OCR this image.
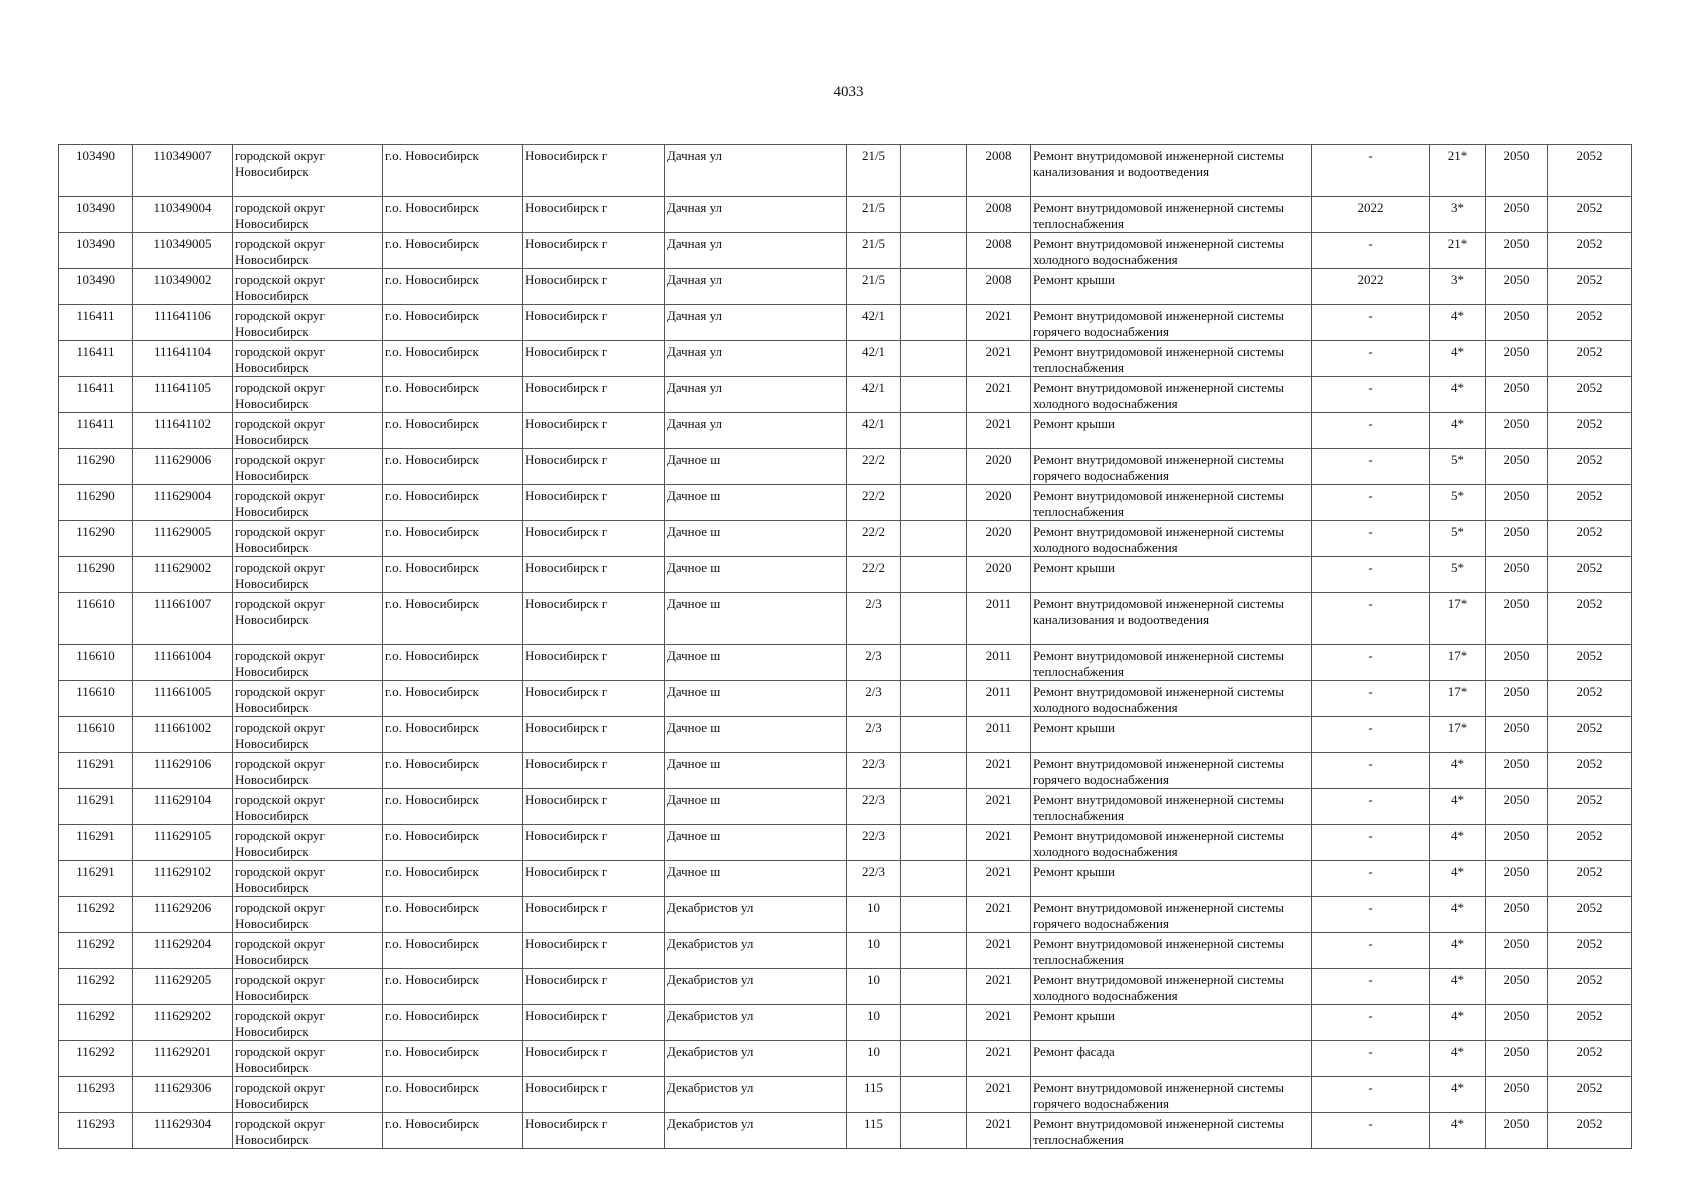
4033
103490	110349007	городской округ Новосибирск	г.о. Новосибирск	Новосибирск г	Дачная ул	21/5		2008	Ремонт внутридомовой инженерной системы канализования и водоотведения	-	21*	2050	2052
103490	110349004	городской округ Новосибирск	г.о. Новосибирск	Новосибирск г	Дачная ул	21/5		2008	Ремонт внутридомовой инженерной системы теплоснабжения	2022	3*	2050	2052
103490	110349005	городской округ Новосибирск	г.о. Новосибирск	Новосибирск г	Дачная ул	21/5		2008	Ремонт внутридомовой инженерной системы холодного водоснабжения	-	21*	2050	2052
103490	110349002	городской округ Новосибирск	г.о. Новосибирск	Новосибирск г	Дачная ул	21/5		2008	Ремонт крыши	2022	3*	2050	2052
116411	111641106	городской округ Новосибирск	г.о. Новосибирск	Новосибирск г	Дачная ул	42/1		2021	Ремонт внутридомовой инженерной системы горячего водоснабжения	-	4*	2050	2052
116411	111641104	городской округ Новосибирск	г.о. Новосибирск	Новосибирск г	Дачная ул	42/1		2021	Ремонт внутридомовой инженерной системы теплоснабжения	-	4*	2050	2052
116411	111641105	городской округ Новосибирск	г.о. Новосибирск	Новосибирск г	Дачная ул	42/1		2021	Ремонт внутридомовой инженерной системы холодного водоснабжения	-	4*	2050	2052
116411	111641102	городской округ Новосибирск	г.о. Новосибирск	Новосибирск г	Дачная ул	42/1		2021	Ремонт крыши	-	4*	2050	2052
116290	111629006	городской округ Новосибирск	г.о. Новосибирск	Новосибирск г	Дачное ш	22/2		2020	Ремонт внутридомовой инженерной системы горячего водоснабжения	-	5*	2050	2052
116290	111629004	городской округ Новосибирск	г.о. Новосибирск	Новосибирск г	Дачное ш	22/2		2020	Ремонт внутридомовой инженерной системы теплоснабжения	-	5*	2050	2052
116290	111629005	городской округ Новосибирск	г.о. Новосибирск	Новосибирск г	Дачное ш	22/2		2020	Ремонт внутридомовой инженерной системы холодного водоснабжения	-	5*	2050	2052
116290	111629002	городской округ Новосибирск	г.о. Новосибирск	Новосибирск г	Дачное ш	22/2		2020	Ремонт крыши	-	5*	2050	2052
116610	111661007	городской округ Новосибирск	г.о. Новосибирск	Новосибирск г	Дачное ш	2/3		2011	Ремонт внутридомовой инженерной системы канализования и водоотведения	-	17*	2050	2052
116610	111661004	городской округ Новосибирск	г.о. Новосибирск	Новосибирск г	Дачное ш	2/3		2011	Ремонт внутридомовой инженерной системы теплоснабжения	-	17*	2050	2052
116610	111661005	городской округ Новосибирск	г.о. Новосибирск	Новосибирск г	Дачное ш	2/3		2011	Ремонт внутридомовой инженерной системы холодного водоснабжения	-	17*	2050	2052
116610	111661002	городской округ Новосибирск	г.о. Новосибирск	Новосибирск г	Дачное ш	2/3		2011	Ремонт крыши	-	17*	2050	2052
116291	111629106	городской округ Новосибирск	г.о. Новосибирск	Новосибирск г	Дачное ш	22/3		2021	Ремонт внутридомовой инженерной системы горячего водоснабжения	-	4*	2050	2052
116291	111629104	городской округ Новосибирск	г.о. Новосибирск	Новосибирск г	Дачное ш	22/3		2021	Ремонт внутридомовой инженерной системы теплоснабжения	-	4*	2050	2052
116291	111629105	городской округ Новосибирск	г.о. Новосибирск	Новосибирск г	Дачное ш	22/3		2021	Ремонт внутридомовой инженерной системы холодного водоснабжения	-	4*	2050	2052
116291	111629102	городской округ Новосибирск	г.о. Новосибирск	Новосибирск г	Дачное ш	22/3		2021	Ремонт крыши	-	4*	2050	2052
116292	111629206	городской округ Новосибирск	г.о. Новосибирск	Новосибирск г	Декабристов ул	10		2021	Ремонт внутридомовой инженерной системы горячего водоснабжения	-	4*	2050	2052
116292	111629204	городской округ Новосибирск	г.о. Новосибирск	Новосибирск г	Декабристов ул	10		2021	Ремонт внутридомовой инженерной системы теплоснабжения	-	4*	2050	2052
116292	111629205	городской округ Новосибирск	г.о. Новосибирск	Новосибирск г	Декабристов ул	10		2021	Ремонт внутридомовой инженерной системы холодного водоснабжения	-	4*	2050	2052
116292	111629202	городской округ Новосибирск	г.о. Новосибирск	Новосибирск г	Декабристов ул	10		2021	Ремонт крыши	-	4*	2050	2052
116292	111629201	городской округ Новосибирск	г.о. Новосибирск	Новосибирск г	Декабристов ул	10		2021	Ремонт фасада	-	4*	2050	2052
116293	111629306	городской округ Новосибирск	г.о. Новосибирск	Новосибирск г	Декабристов ул	115		2021	Ремонт внутридомовой инженерной системы горячего водоснабжения	-	4*	2050	2052
116293	111629304	городской округ Новосибирск	г.о. Новосибирск	Новосибирск г	Декабристов ул	115		2021	Ремонт внутридомовой инженерной системы теплоснабжения	-	4*	2050	2052
